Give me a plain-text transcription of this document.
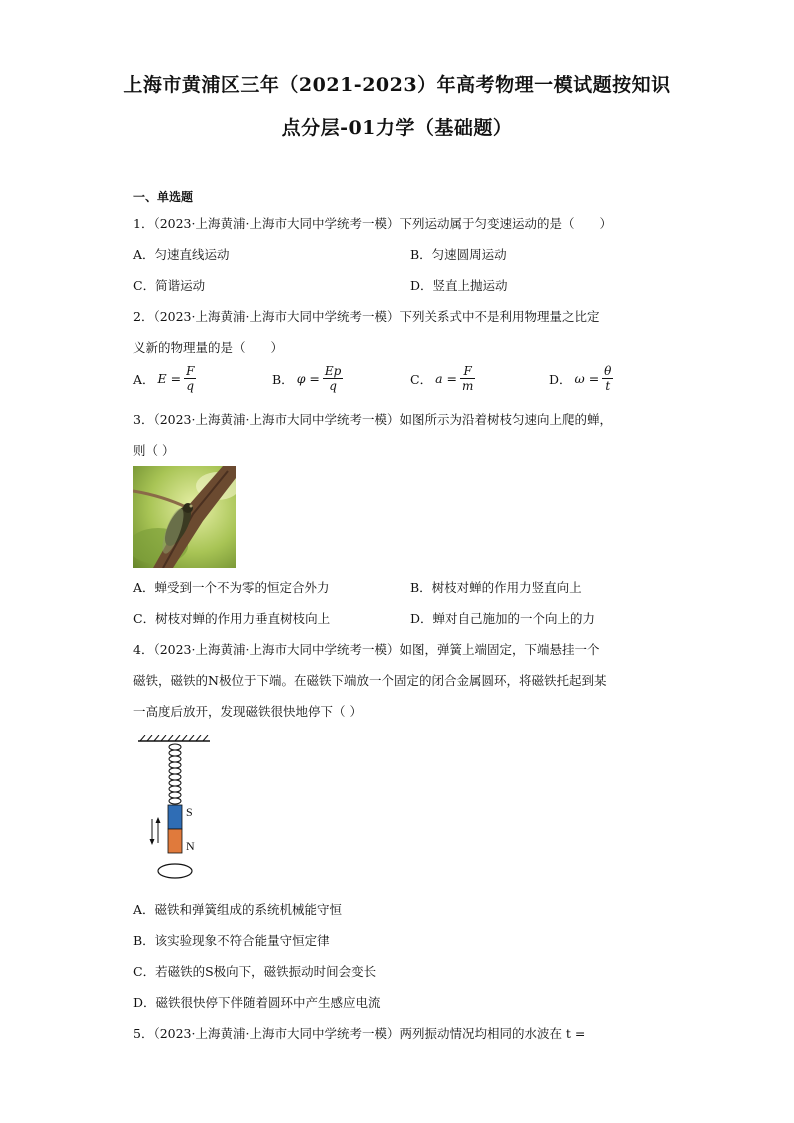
上海市黄浦区三年（2021-2023）年高考物理一模试题按知识
点分层-01力学（基础题）
一、单选题
1．（2023·上海黄浦·上海市大同中学统考一模）下列运动属于匀变速运动的是（　　）
A．匀速直线运动	B．匀速圆周运动
C．简谐运动	D．竖直上抛运动
2．（2023·上海黄浦·上海市大同中学统考一模）下列关系式中不是利用物理量之比定
义新的物理量的是（　　）
A． $E = \frac{F}{q}$	B． $\varphi = \frac{Ep}{q}$	C． $a = \frac{F}{m}$	D． $\omega = \frac{\theta}{t}$
3．（2023·上海黄浦·上海市大同中学统考一模）如图所示为沿着树枝匀速向上爬的蝉，
则（ ）
A．蝉受到一个不为零的恒定合外力	B．树枝对蝉的作用力竖直向上
C．树枝对蝉的作用力垂直树枝向上	D．蝉对自己施加的一个向上的力
4．（2023·上海黄浦·上海市大同中学统考一模）如图，弹簧上端固定，下端悬挂一个
磁铁，磁铁的N极位于下端。在磁铁下端放一个固定的闭合金属圆环，将磁铁托起到某
一高度后放开，发现磁铁很快地停下（ ）
S
N
A．磁铁和弹簧组成的系统机械能守恒
B．该实验现象不符合能量守恒定律
C．若磁铁的S极向下，磁铁振动时间会变长
D．磁铁很快停下伴随着圆环中产生感应电流
5．（2023·上海黄浦·上海市大同中学统考一模）两列振动情况均相同的水波在 t =
